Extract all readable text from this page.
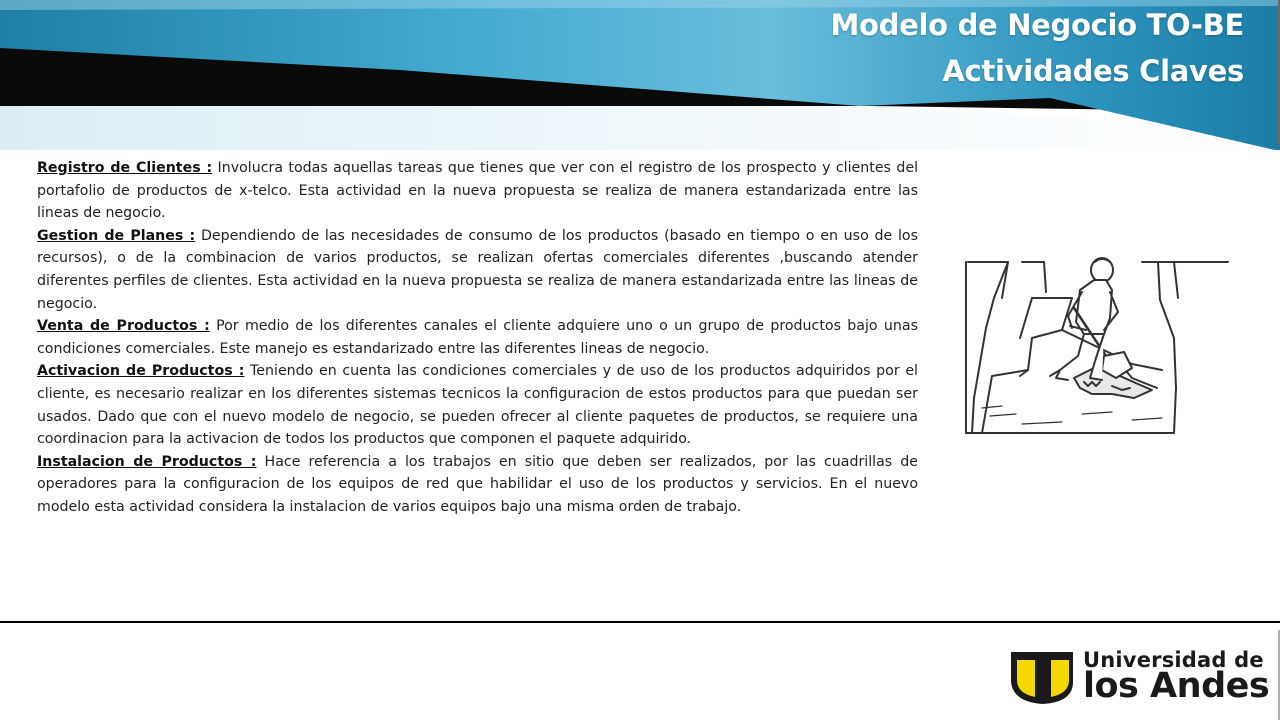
Modelo de Negocio TO-BE
Actividades Claves

Registro de Clientes : Involucra todas aquellas tareas que tienes que ver con el registro de los prospecto y clientes del portafolio de productos de x-telco. Esta actividad en la nueva propuesta se realiza de manera estandarizada entre las lineas de negocio.

Gestion de Planes : Dependiendo de las necesidades de consumo de los productos (basado en tiempo o en uso de los recursos), o de la combinacion de varios productos, se realizan ofertas comerciales diferentes ,buscando atender diferentes perfiles de clientes. Esta actividad en la nueva propuesta se realiza de manera estandarizada entre las lineas de negocio.

Venta de Productos : Por medio de los diferentes canales el cliente adquiere uno o un grupo de productos bajo unas condiciones comerciales. Este manejo es estandarizado entre las diferentes lineas de negocio.

Activacion de Productos : Teniendo en cuenta las condiciones comerciales y de uso de los productos adquiridos por el cliente, es necesario realizar en los diferentes sistemas tecnicos la configuracion de estos productos para que puedan ser usados. Dado que con el nuevo modelo de negocio, se pueden ofrecer al cliente paquetes de productos, se requiere una coordinacion para la activacion de todos los productos que componen el paquete adquirido.

Instalacion de Productos : Hace referencia a los trabajos en sitio que deben ser realizados, por las cuadrillas de operadores para la configuracion de los equipos de red que habilidar el uso de los productos y servicios. En el nuevo modelo esta actividad considera la instalacion de varios equipos bajo una misma orden de trabajo.

Universidad de
los Andes
